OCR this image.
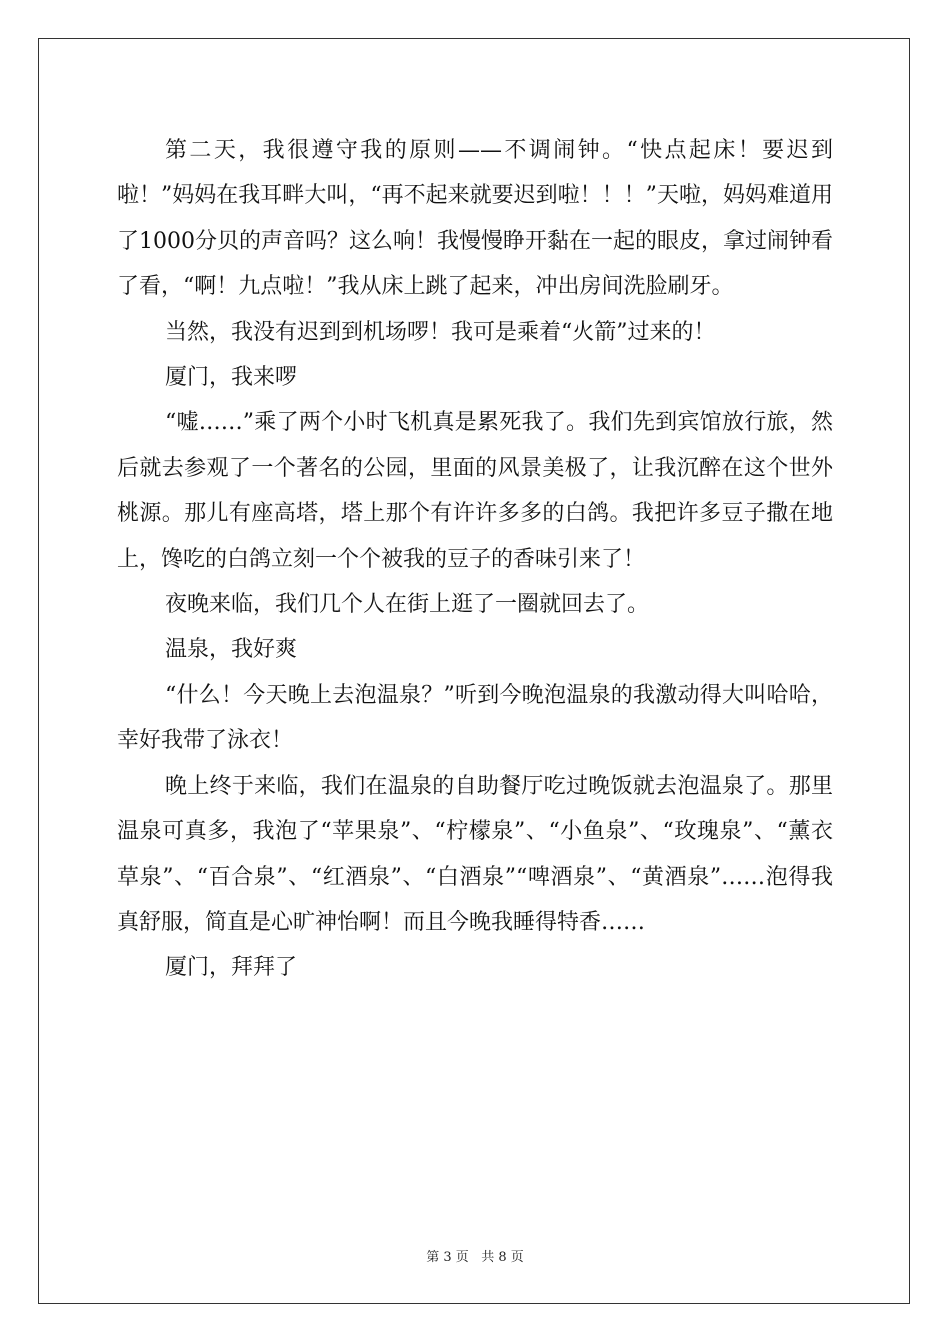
第二天，我很遵守我的原则——不调闹钟。“快点起床！要迟到啦！”妈妈在我耳畔大叫，“再不起来就要迟到啦！！！”天啦，妈妈难道用了1000分贝的声音吗？这么响！我慢慢睁开黏在一起的眼皮，拿过闹钟看了看，“啊！九点啦！”我从床上跳了起来，冲出房间洗脸刷牙。

当然，我没有迟到到机场啰！我可是乘着“火箭”过来的！

厦门，我来啰

“嘘……”乘了两个小时飞机真是累死我了。我们先到宾馆放行旅，然后就去参观了一个著名的公园，里面的风景美极了，让我沉醉在这个世外桃源。那儿有座高塔，塔上那个有许许多多的白鸽。我把许多豆子撒在地上，馋吃的白鸽立刻一个个被我的豆子的香味引来了！

夜晚来临，我们几个人在街上逛了一圈就回去了。

温泉，我好爽

“什么！今天晚上去泡温泉？”听到今晚泡温泉的我激动得大叫哈哈，幸好我带了泳衣！

晚上终于来临，我们在温泉的自助餐厅吃过晚饭就去泡温泉了。那里温泉可真多，我泡了“苹果泉”、“柠檬泉”、“小鱼泉”、“玫瑰泉”、“薰衣草泉”、“百合泉”、“红酒泉”、“白酒泉”“啤酒泉”、“黄酒泉”……泡得我真舒服，简直是心旷神怡啊！而且今晚我睡得特香……

厦门，拜拜了

第 3 页 共 8 页
